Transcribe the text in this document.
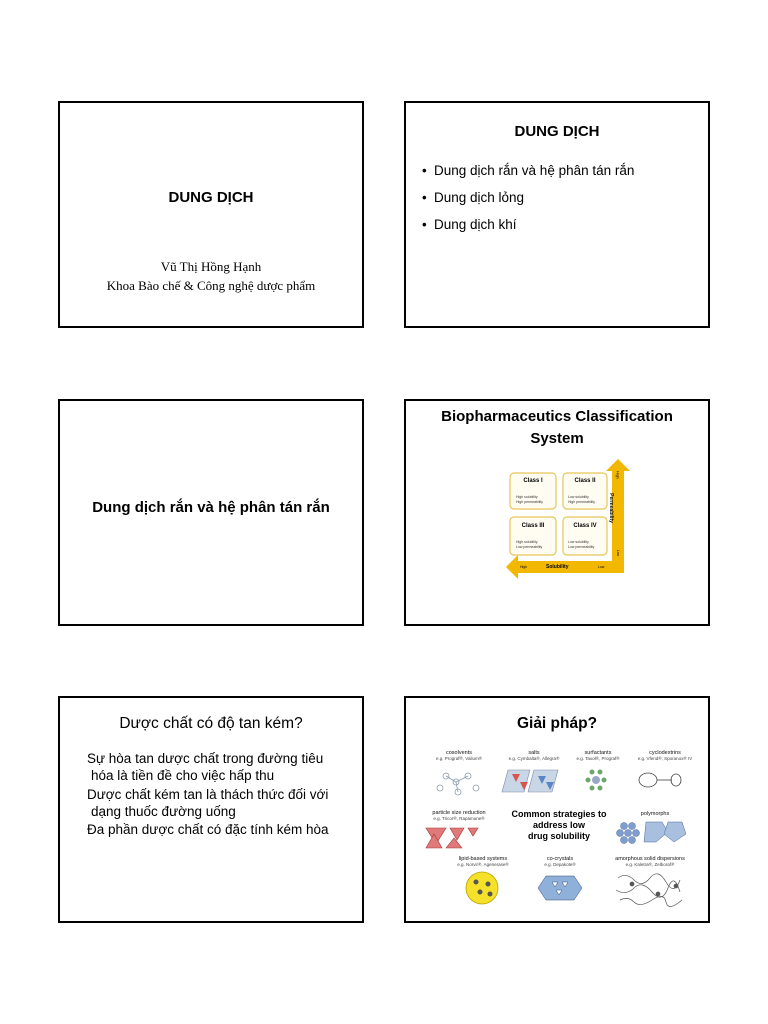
DUNG DỊCH
Vũ Thị Hồng Hạnh
Khoa Bào chế & Công nghệ dược phẩm
DUNG DỊCH
• Dung dịch rắn và hệ phân tán rắn
• Dung dịch lỏng
• Dung dịch khí
Dung dịch rắn và hệ phân tán rắn
Biopharmaceutics Classification
System
Class I
High solubility
High permeability
Class II
Low solubility
High permeability
Class III
High solubility
Low permeability
Class IV
Low solubility
Low permeability
Solubility
High	Low
Permeability
High
Low
Dược chất có độ tan kém?
Sự hòa tan dược chất trong đường tiêu
hóa là tiền đề cho việc hấp thu
Dược chất kém tan là thách thức đối với
dạng thuốc đường uống
Đa phần dược chất có đặc tính kém hòa
Giải pháp?
cosolvents
e.g. Prograf®, Valium®
salts
e.g. Cymbalta®, Allegra®
surfactants
e.g. Taxol®, Prograf®
cyclodextrins
e.g. Vfend®, Sporanox® IV
particle size reduction
e.g. Tricor®, Rapamune®
polymorphs
lipid-based systems
e.g. Norvir®, Agenerase®
co-crystals
e.g. Depakote®
amorphous solid dispersions
e.g. Kaletra®, Zelboraf®
Common strategies to
address low
drug solubility
